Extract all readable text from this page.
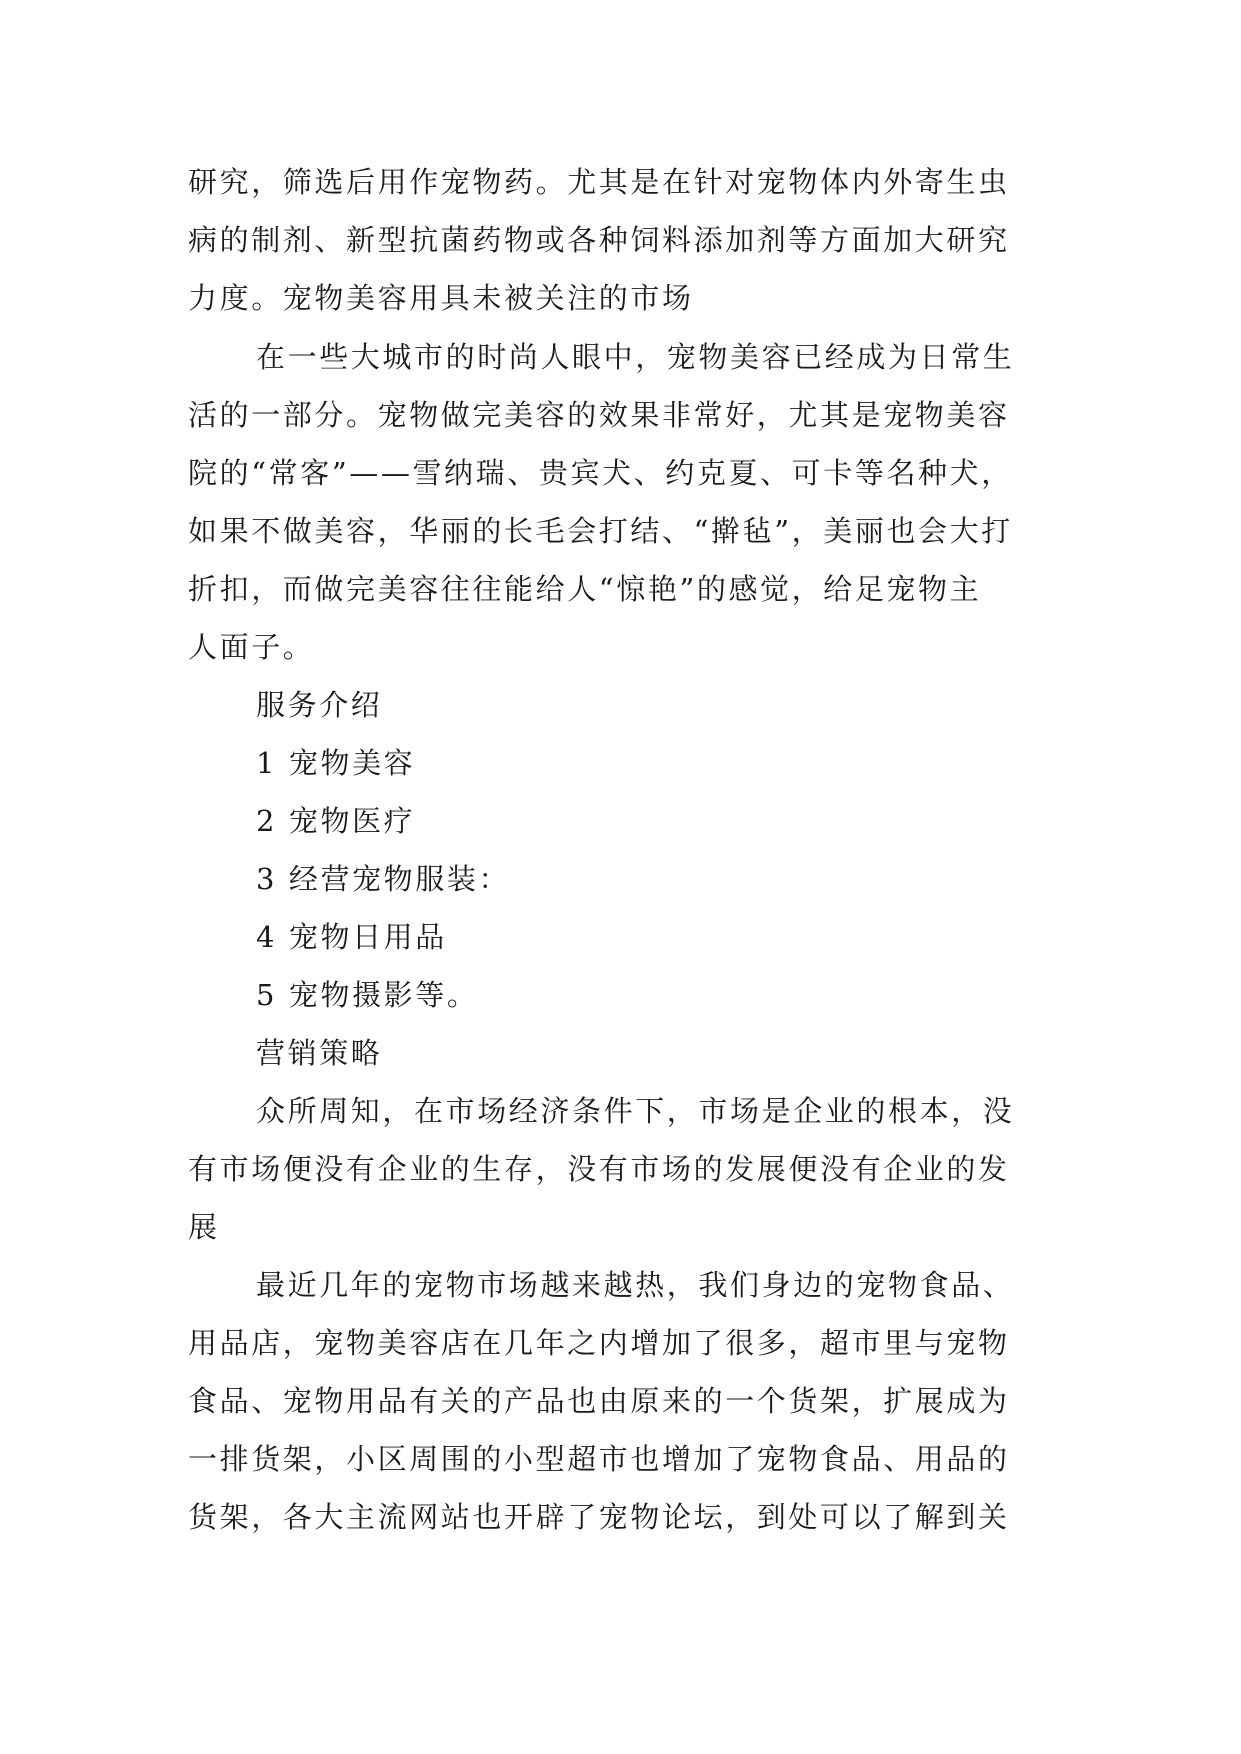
研究，筛选后用作宠物药。尤其是在针对宠物体内外寄生虫
病的制剂、新型抗菌药物或各种饲料添加剂等方面加大研究
力度。宠物美容用具未被关注的市场
在一些大城市的时尚人眼中，宠物美容已经成为日常生
活的一部分。宠物做完美容的效果非常好，尤其是宠物美容
院的“常客”——雪纳瑞、贵宾犬、约克夏、可卡等名种犬，
如果不做美容，华丽的长毛会打结、“擀毡”，美丽也会大打
折扣，而做完美容往往能给人“惊艳”的感觉，给足宠物主
人面子。
服务介绍
1 宠物美容
2 宠物医疗
3 经营宠物服装：
4 宠物日用品
5 宠物摄影等。
营销策略
众所周知，在市场经济条件下，市场是企业的根本，没
有市场便没有企业的生存，没有市场的发展便没有企业的发
展
最近几年的宠物市场越来越热，我们身边的宠物食品、
用品店，宠物美容店在几年之内增加了很多，超市里与宠物
食品、宠物用品有关的产品也由原来的一个货架，扩展成为
一排货架，小区周围的小型超市也增加了宠物食品、用品的
货架，各大主流网站也开辟了宠物论坛，到处可以了解到关
